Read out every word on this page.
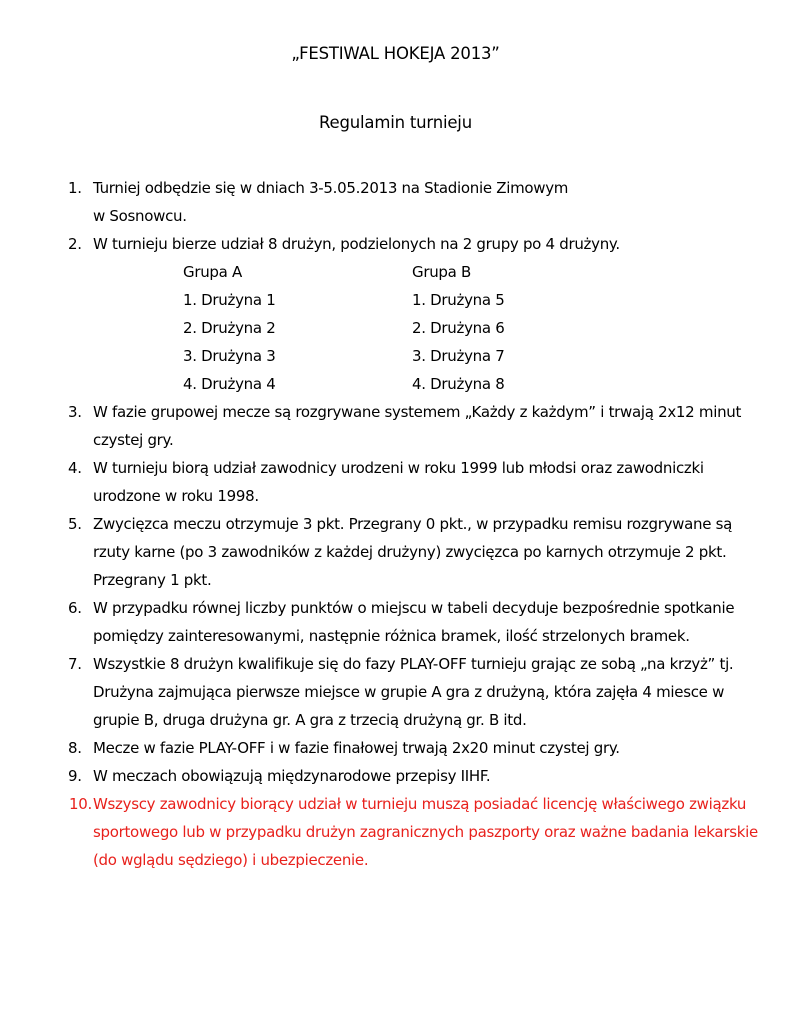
„FESTIWAL HOKEJA 2013”
Regulamin turnieju
1. Turniej odbędzie się w dniach 3-5.05.2013 na Stadionie Zimowym
w Sosnowcu.
2. W turnieju bierze udział 8 drużyn, podzielonych na 2 grupy po 4 drużyny.
Grupa A
1. Drużyna 1
2. Drużyna 2
3. Drużyna 3
4. Drużyna 4
Grupa B
1. Drużyna 5
2. Drużyna 6
3. Drużyna 7
4. Drużyna 8
3. W fazie grupowej mecze są rozgrywane systemem „Każdy z każdym” i trwają 2x12 minut czystej gry.
4. W turnieju biorą udział zawodnicy urodzeni w roku 1999 lub młodsi oraz zawodniczki urodzone w roku 1998.
5. Zwycięzca meczu otrzymuje 3 pkt. Przegrany 0 pkt., w przypadku remisu rozgrywane są rzuty karne (po 3 zawodników z każdej drużyny) zwycięzca po karnych otrzymuje 2 pkt. Przegrany 1 pkt.
6. W przypadku równej liczby punktów o miejscu w tabeli decyduje bezpośrednie spotkanie pomiędzy zainteresowanymi, następnie różnica bramek, ilość strzelonych bramek.
7. Wszystkie 8 drużyn kwalifikuje się do fazy PLAY-OFF turnieju grając ze sobą „na krzyż” tj. Drużyna zajmująca pierwsze miejsce w grupie A gra z drużyną, która zajęła 4 miesce w grupie B, druga drużyna gr. A gra z trzecią drużyną gr. B itd.
8. Mecze w fazie PLAY-OFF i w fazie finałowej trwają 2x20 minut czystej gry.
9. W meczach obowiązują międzynarodowe przepisy IIHF.
10. Wszyscy zawodnicy biorący udział w turnieju muszą posiadać licencję właściwego związku sportowego lub w przypadku drużyn zagranicznych paszporty oraz ważne badania lekarskie (do wglądu sędziego) i ubezpieczenie.
